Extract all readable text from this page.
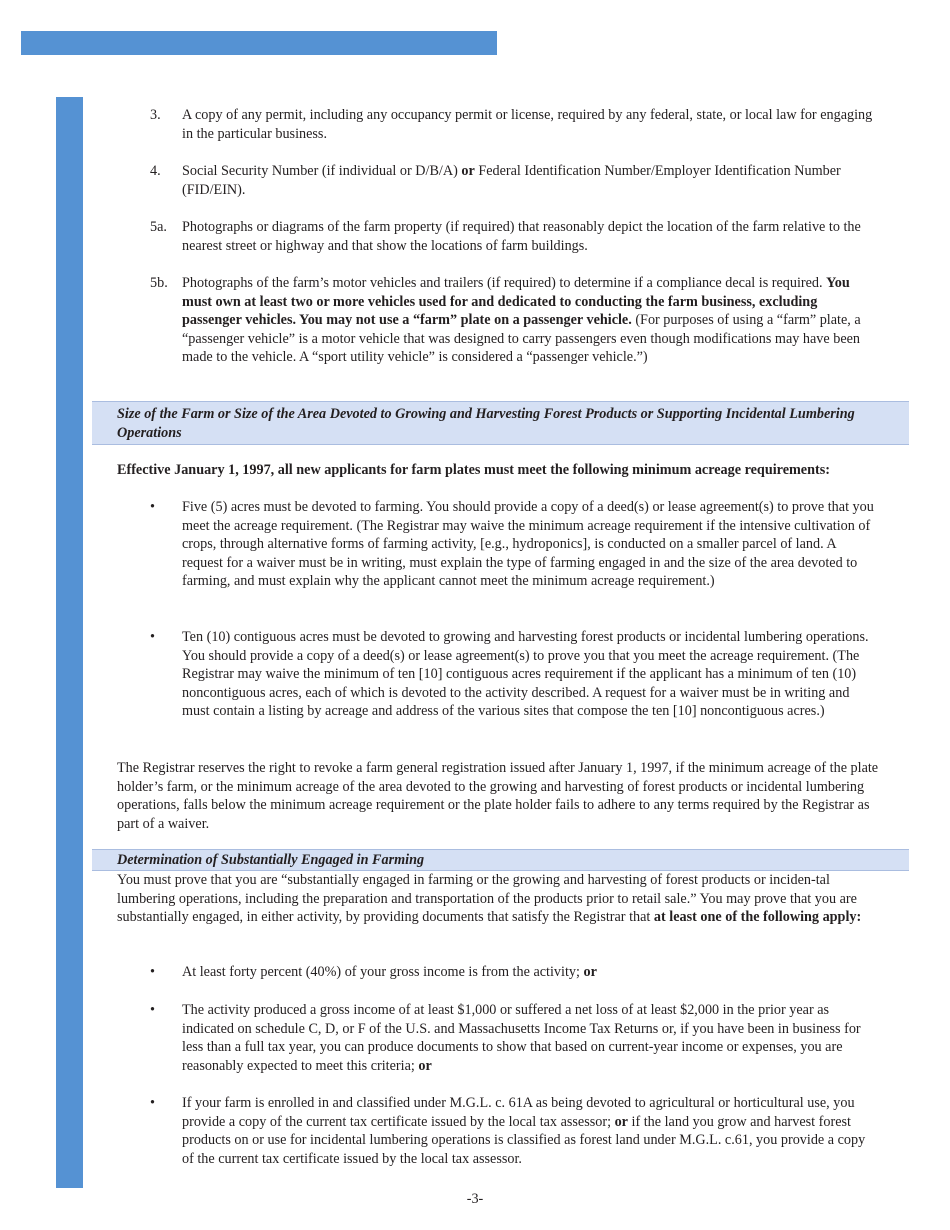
3. A copy of any permit, including any occupancy permit or license, required by any federal, state, or local law for engaging in the particular business.
4. Social Security Number (if individual or D/B/A) or Federal Identification Number/Employer Identification Number (FID/EIN).
5a. Photographs or diagrams of the farm property (if required) that reasonably depict the location of the farm relative to the nearest street or highway and that show the locations of farm buildings.
5b. Photographs of the farm’s motor vehicles and trailers (if required) to determine if a compliance decal is required. You must own at least two or more vehicles used for and dedicated to conducting the farm business, excluding passenger vehicles. You may not use a “farm” plate on a passenger vehicle. (For purposes of using a “farm” plate, a “passenger vehicle” is a motor vehicle that was designed to carry passengers even though modifications may have been made to the vehicle. A “sport utility vehicle” is considered a “passenger vehicle.”)
Size of the Farm or Size of the Area Devoted to Growing and Harvesting Forest Products or Supporting Incidental Lumbering Operations
Effective January 1, 1997, all new applicants for farm plates must meet the following minimum acreage requirements:
• Five (5) acres must be devoted to farming. You should provide a copy of a deed(s) or lease agreement(s) to prove that you meet the acreage requirement. (The Registrar may waive the minimum acreage requirement if the intensive cultivation of crops, through alternative forms of farming activity, [e.g., hydroponics], is conducted on a smaller parcel of land. A request for a waiver must be in writing, must explain the type of farming engaged in and the size of the area devoted to farming, and must explain why the applicant cannot meet the minimum acreage requirement.)
• Ten (10) contiguous acres must be devoted to growing and harvesting forest products or incidental lumbering operations. You should provide a copy of a deed(s) or lease agreement(s) to prove you that you meet the acreage requirement. (The Registrar may waive the minimum of ten [10] contiguous acres requirement if the applicant has a minimum of ten (10) noncontiguous acres, each of which is devoted to the activity described. A request for a waiver must be in writing and must contain a listing by acreage and address of the various sites that compose the ten [10] noncontiguous acres.)
The Registrar reserves the right to revoke a farm general registration issued after January 1, 1997, if the minimum acreage of the plate holder’s farm, or the minimum acreage of the area devoted to the growing and harvesting of forest products or incidental lumbering operations, falls below the minimum acreage requirement or the plate holder fails to adhere to any terms required by the Registrar as part of a waiver.
Determination of Substantially Engaged in Farming
You must prove that you are “substantially engaged in farming or the growing and harvesting of forest products or inciden-tal lumbering operations, including the preparation and transportation of the products prior to retail sale.” You may prove that you are substantially engaged, in either activity, by providing documents that satisfy the Registrar that at least one of the following apply:
• At least forty percent (40%) of your gross income is from the activity; or
• The activity produced a gross income of at least $1,000 or suffered a net loss of at least $2,000 in the prior year as indicated on schedule C, D, or F of the U.S. and Massachusetts Income Tax Returns or, if you have been in business for less than a full tax year, you can produce documents to show that based on current-year income or expenses, you are reasonably expected to meet this criteria; or
• If your farm is enrolled in and classified under M.G.L. c. 61A as being devoted to agricultural or horticultural use, you provide a copy of the current tax certificate issued by the local tax assessor; or if the land you grow and harvest forest products on or use for incidental lumbering operations is classified as forest land under M.G.L. c.61, you provide a copy of the current tax certificate issued by the local tax assessor.
-3-
